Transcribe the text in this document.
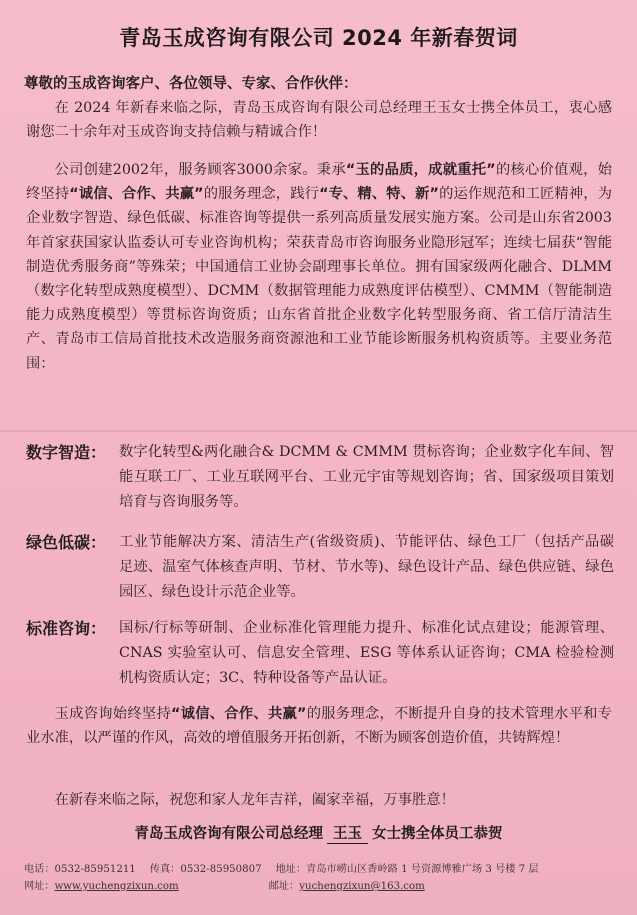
青岛玉成咨询有限公司 2024 年新春贺词
尊敬的玉成咨询客户、各位领导、专家、合作伙伴：
在 2024 年新春来临之际，青岛玉成咨询有限公司总经理王玉女士携全体员工，衷心感谢您二十余年对玉成咨询支持信赖与精诚合作！
公司创建2002年，服务顾客3000余家。秉承“玉的品质，成就重托”的核心价值观，始终坚持“诚信、合作、共赢”的服务理念，践行“专、精、特、新”的运作规范和工匠精神，为企业数字智造、绿色低碳、标准咨询等提供一系列高质量发展实施方案。公司是山东省2003年首家获国家认监委认可专业咨询机构；荣获青岛市咨询服务业隐形冠军；连续七届获“智能制造优秀服务商”等殊荣；中国通信工业协会副理事长单位。拥有国家级两化融合、DLMM（数字化转型成熟度模型）、DCMM（数据管理能力成熟度评估模型）、CMMM（智能制造能力成熟度模型）等贯标咨询资质；山东省首批企业数字化转型服务商、省工信厅清洁生产、青岛市工信局首批技术改造服务商资源池和工业节能诊断服务机构资质等。主要业务范围：
数字智造： 数字化转型&两化融合& DCMM & CMMM 贯标咨询；企业数字化车间、智能互联工厂、工业互联网平台、工业元宇宙等规划咨询；省、国家级项目策划培育与咨询服务等。
绿色低碳： 工业节能解决方案、清洁生产(省级资质)、节能评估、绿色工厂（包括产品碳足迹、温室气体核查声明、节材、节水等)、绿色设计产品、绿色供应链、绿色园区、绿色设计示范企业等。
标准咨询： 国标/行标等研制、企业标准化管理能力提升、标准化试点建设；能源管理、CNAS 实验室认可、信息安全管理、ESG 等体系认证咨询；CMA 检验检测机构资质认定；3C、特种设备等产品认证。
玉成咨询始终坚持“诚信、合作、共赢”的服务理念，不断提升自身的技术管理水平和专业水准，以严谨的作风，高效的增值服务开拓创新，不断为顾客创造价值，共铸辉煌！
在新春来临之际，祝您和家人龙年吉祥，阖家幸福，万事胜意！
青岛玉成咨询有限公司总经理 王玉 女士携全体员工恭贺
电话：0532-85951211 传真：0532-85950807 地址：青岛市崂山区香岭路 1 号资源博雅广场 3 号楼 7 层
网址：www.yuchengzixun.com	邮址：yuchengzixun@163.com
